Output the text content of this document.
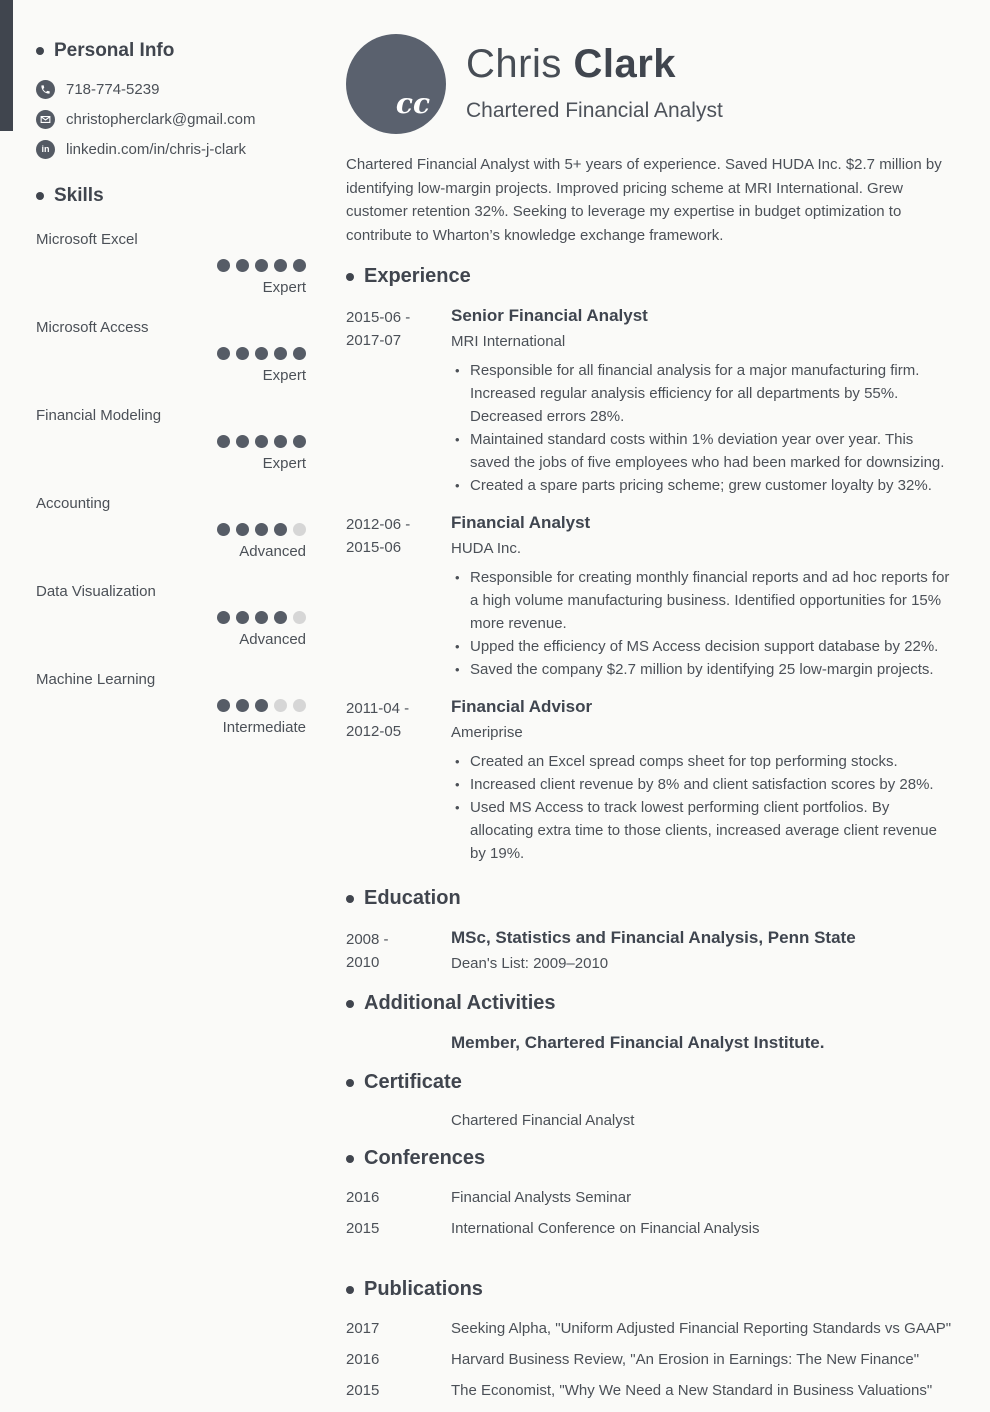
Personal Info
718-774-5239
christopherclark@gmail.com
in linkedin.com/in/chris-j-clark
Skills
Microsoft Excel
Expert
Microsoft Access
Expert
Financial Modeling
Expert
Accounting
Advanced
Data Visualization
Advanced
Machine Learning
Intermediate
cc
Chris Clark
Chartered Financial Analyst

Chartered Financial Analyst with 5+ years of experience. Saved HUDA Inc. $2.7 million by identifying low-margin projects. Improved pricing scheme at MRI International. Grew customer retention 32%. Seeking to leverage my expertise in budget optimization to contribute to Wharton’s knowledge exchange framework.

Experience
2015-06 -
2017-07
Senior Financial Analyst
MRI International
• Responsible for all financial analysis for a major manufacturing firm. Increased regular analysis efficiency for all departments by 55%. Decreased errors 28%.
• Maintained standard costs within 1% deviation year over year. This saved the jobs of five employees who had been marked for downsizing.
• Created a spare parts pricing scheme; grew customer loyalty by 32%.
2012-06 -
2015-06
Financial Analyst
HUDA Inc.
• Responsible for creating monthly financial reports and ad hoc reports for a high volume manufacturing business. Identified opportunities for 15% more revenue.
• Upped the efficiency of MS Access decision support database by 22%.
• Saved the company $2.7 million by identifying 25 low-margin projects.
2011-04 -
2012-05
Financial Advisor
Ameriprise
• Created an Excel spread comps sheet for top performing stocks.
• Increased client revenue by 8% and client satisfaction scores by 28%.
• Used MS Access to track lowest performing client portfolios. By allocating extra time to those clients, increased average client revenue by 19%.
Education
2008 -
2010
MSc, Statistics and Financial Analysis, Penn State
Dean's List: 2009–2010
Additional Activities
Member, Chartered Financial Analyst Institute.
Certificate
Chartered Financial Analyst
Conferences
2016	Financial Analysts Seminar
2015	International Conference on Financial Analysis
Publications
2017	Seeking Alpha, "Uniform Adjusted Financial Reporting Standards vs GAAP"
2016	Harvard Business Review, "An Erosion in Earnings: The New Finance"
2015	The Economist, "Why We Need a New Standard in Business Valuations"
